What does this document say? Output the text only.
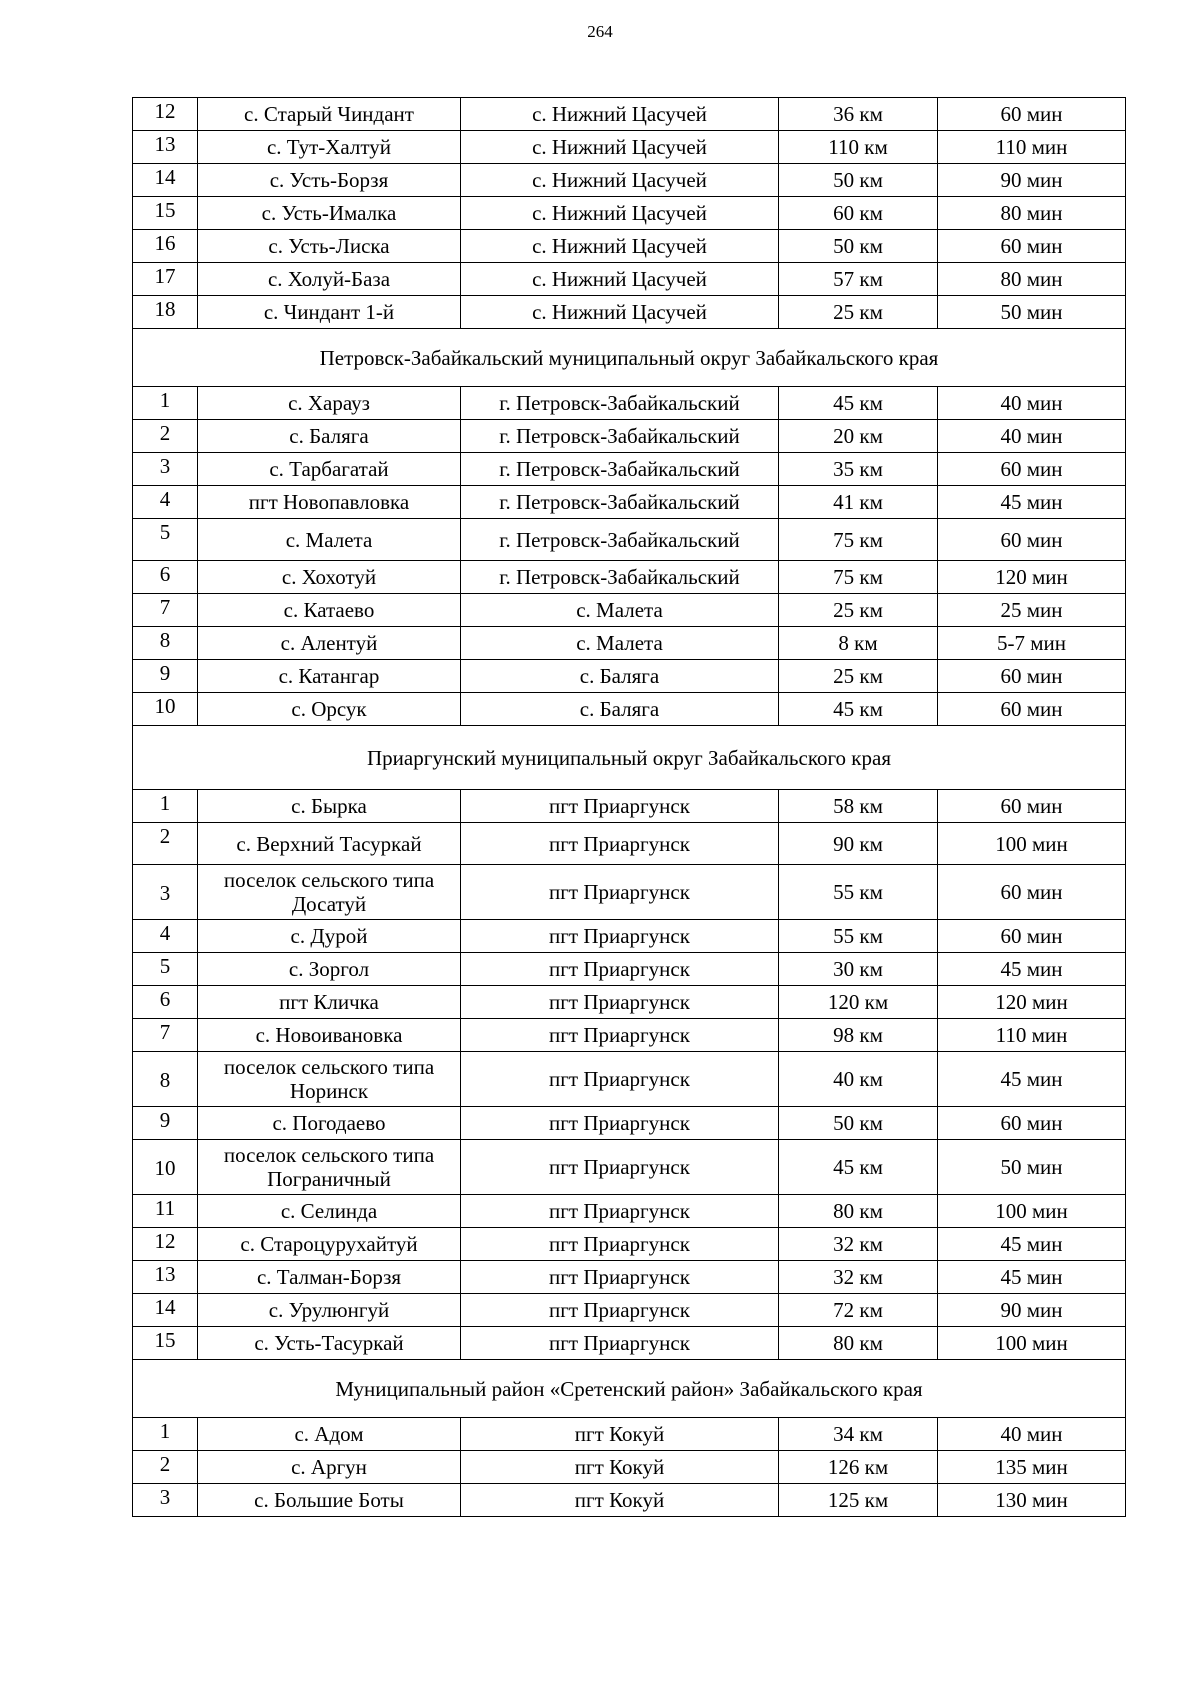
264
12	с. Старый Чиндант	с. Нижний Цасучей	36 км	60 мин
13	с. Тут-Халтуй	с. Нижний Цасучей	110 км	110 мин
14	с. Усть-Борзя	с. Нижний Цасучей	50 км	90 мин
15	с. Усть-Ималка	с. Нижний Цасучей	60 км	80 мин
16	с. Усть-Лиска	с. Нижний Цасучей	50 км	60 мин
17	с. Холуй-База	с. Нижний Цасучей	57 км	80 мин
18	с. Чиндант 1-й	с. Нижний Цасучей	25 км	50 мин
Петровск-Забайкальский муниципальный округ Забайкальского края				
1	с. Харауз	г. Петровск-Забайкальский	45 км	40 мин
2	с. Баляга	г. Петровск-Забайкальский	20 км	40 мин
3	с. Тарбагатай	г. Петровск-Забайкальский	35 км	60 мин
4	пгт Новопавловка	г. Петровск-Забайкальский	41 км	45 мин
5	с. Малета	г. Петровск-Забайкальский	75 км	60 мин
6	с. Хохотуй	г. Петровск-Забайкальский	75 км	120 мин
7	с. Катаево	с. Малета	25 км	25 мин
8	с. Алентуй	с. Малета	8 км	5-7 мин
9	с. Катангар	с. Баляга	25 км	60 мин
10	с. Орсук	с. Баляга	45 км	60 мин
Приаргунский муниципальный округ Забайкальского края				
1	с. Бырка	пгт Приаргунск	58 км	60 мин
2	с. Верхний Тасуркай	пгт Приаргунск	90 км	100 мин
3	поселок сельского типа Досатуй	пгт Приаргунск	55 км	60 мин
4	с. Дурой	пгт Приаргунск	55 км	60 мин
5	с. Зоргол	пгт Приаргунск	30 км	45 мин
6	пгт Кличка	пгт Приаргунск	120 км	120 мин
7	с. Новоивановка	пгт Приаргунск	98 км	110 мин
8	поселок сельского типа Норинск	пгт Приаргунск	40 км	45 мин
9	с. Погодаево	пгт Приаргунск	50 км	60 мин
10	поселок сельского типа Пограничный	пгт Приаргунск	45 км	50 мин
11	с. Селинда	пгт Приаргунск	80 км	100 мин
12	с. Староцурухайтуй	пгт Приаргунск	32 км	45 мин
13	с. Талман-Борзя	пгт Приаргунск	32 км	45 мин
14	с. Урулюнгуй	пгт Приаргунск	72 км	90 мин
15	с. Усть-Тасуркай	пгт Приаргунск	80 км	100 мин
Муниципальный район «Сретенский район» Забайкальского края				
1	с. Адом	пгт Кокуй	34 км	40 мин
2	с. Аргун	пгт Кокуй	126 км	135 мин
3	с. Большие Боты	пгт Кокуй	125 км	130 мин
